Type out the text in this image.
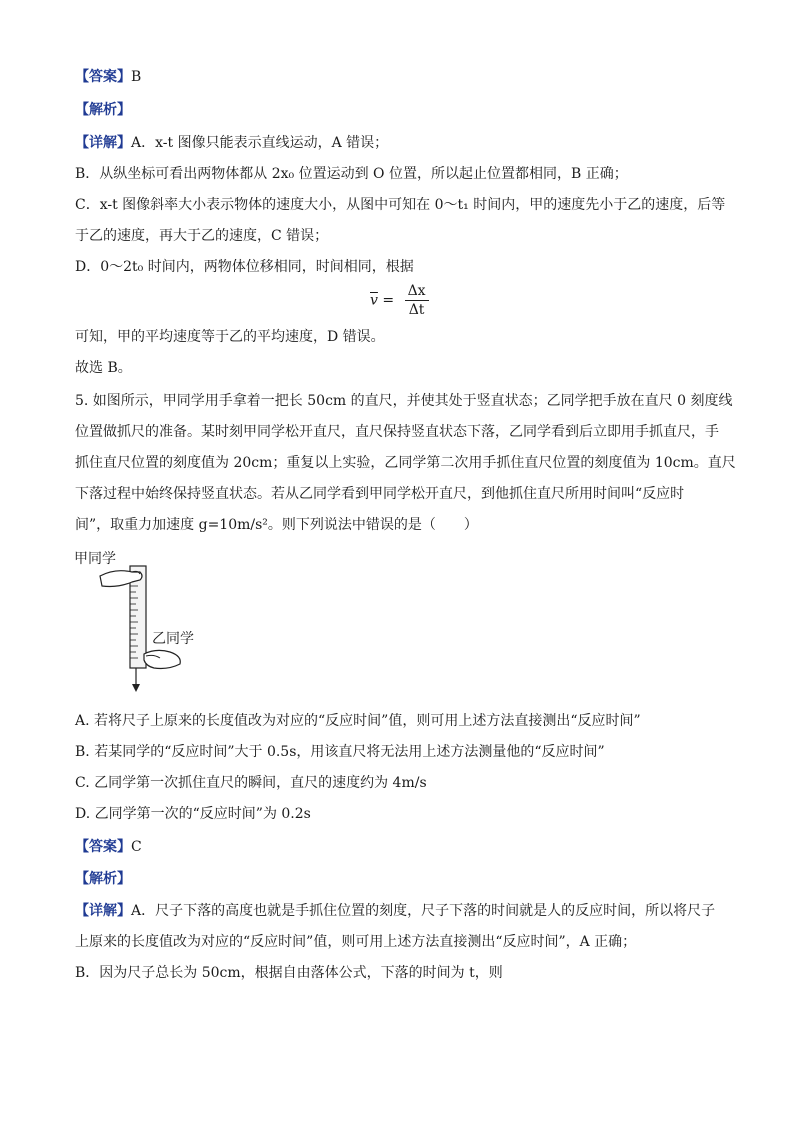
【答案】B
【解析】
【详解】A．x-t 图像只能表示直线运动，A 错误；
B．从纵坐标可看出两物体都从 2x₀ 位置运动到 O 位置，所以起止位置都相同，B 正确；
C．x-t 图像斜率大小表示物体的速度大小，从图中可知在 0～t₁ 时间内，甲的速度先小于乙的速度，后等
于乙的速度，再大于乙的速度，C 错误；
D．0～2t₀ 时间内，两物体位移相同，时间相同，根据
可知，甲的平均速度等于乙的平均速度，D 错误。
故选 B。
5. 如图所示，甲同学用手拿着一把长 50cm 的直尺，并使其处于竖直状态；乙同学把手放在直尺 0 刻度线
位置做抓尺的准备。某时刻甲同学松开直尺，直尺保持竖直状态下落，乙同学看到后立即用手抓直尺，手
抓住直尺位置的刻度值为 20cm；重复以上实验，乙同学第二次用手抓住直尺位置的刻度值为 10cm。直尺
下落过程中始终保持竖直状态。若从乙同学看到甲同学松开直尺，到他抓住直尺所用时间叫“反应时
间”，取重力加速度 g=10m/s²。则下列说法中错误的是（　　）
A. 若将尺子上原来的长度值改为对应的“反应时间”值，则可用上述方法直接测出“反应时间”
B. 若某同学的“反应时间”大于 0.5s，用该直尺将无法用上述方法测量他的“反应时间”
C. 乙同学第一次抓住直尺的瞬间，直尺的速度约为 4m/s
D. 乙同学第一次的“反应时间”为 0.2s
【答案】C
【解析】
【详解】A．尺子下落的高度也就是手抓住位置的刻度，尺子下落的时间就是人的反应时间，所以将尺子
上原来的长度值改为对应的“反应时间”值，则可用上述方法直接测出“反应时间”，A 正确；
B．因为尺子总长为 50cm，根据自由落体公式，下落的时间为 t，则
$\overline{v} = \frac{\Delta x}{\Delta t}$
甲同学
乙同学
